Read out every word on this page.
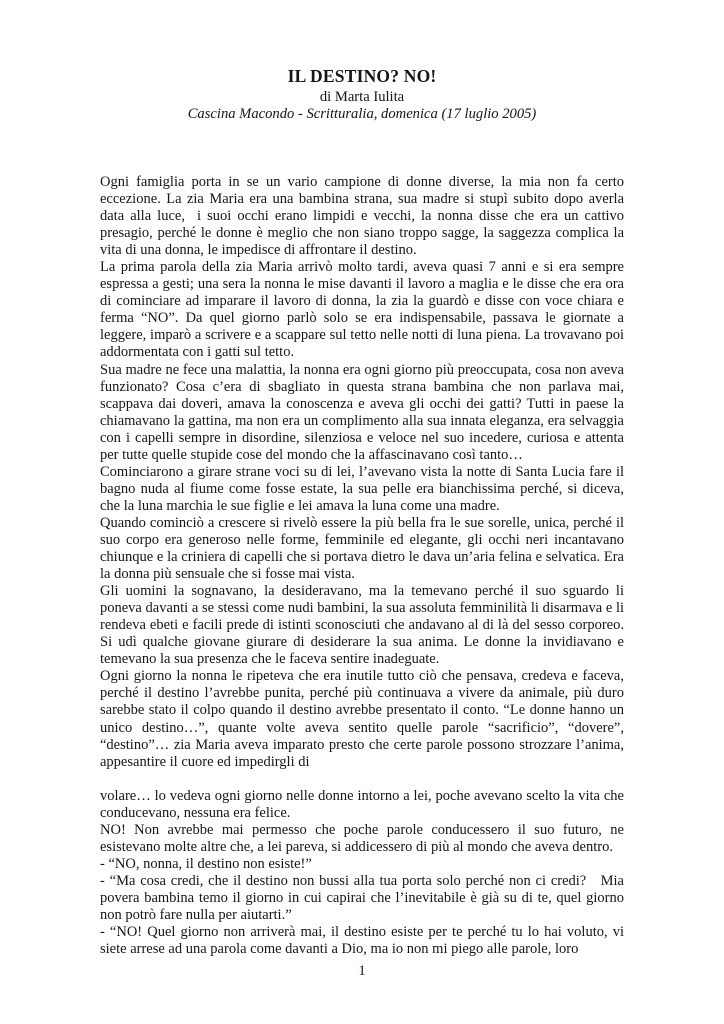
IL DESTINO? NO!
di Marta Iulita
Cascina Macondo - Scritturalia, domenica (17 luglio 2005)

Ogni famiglia porta in se un vario campione di donne diverse, la mia non fa certo eccezione. La zia Maria era una bambina strana, sua madre si stupì subito dopo averla data alla luce,  i suoi occhi erano limpidi e vecchi, la nonna disse che era un cattivo presagio, perché le donne è meglio che non siano troppo sagge, la saggezza complica la vita di una donna, le impedisce di affrontare il destino.

La prima parola della zia Maria arrivò molto tardi, aveva quasi 7 anni e si era sempre espressa a gesti; una sera la nonna le mise davanti il lavoro a maglia e le disse che era ora di cominciare ad imparare il lavoro di donna, la zia la guardò e disse con voce chiara e ferma “NO”. Da quel giorno parlò solo se era indispensabile, passava le giornate a leggere, imparò a scrivere e a scappare sul tetto nelle notti di luna piena. La trovavano poi addormentata con i gatti sul tetto.

Sua madre ne fece una malattia, la nonna era ogni giorno più preoccupata, cosa non aveva funzionato? Cosa c’era di sbagliato in questa strana bambina che non parlava mai, scappava dai doveri, amava la conoscenza e aveva gli occhi dei gatti? Tutti in paese la chiamavano la gattina, ma non era un complimento alla sua innata eleganza, era selvaggia con i capelli sempre in disordine, silenziosa e veloce nel suo incedere, curiosa e attenta per tutte quelle stupide cose del mondo che la affascinavano così tanto…

Cominciarono a girare strane voci su di lei, l’avevano vista la notte di Santa Lucia fare il bagno nuda al fiume come fosse estate, la sua pelle era bianchissima perché, si diceva, che la luna marchia le sue figlie e lei amava la luna come una madre.

Quando cominciò a crescere si rivelò essere la più bella fra le sue sorelle, unica, perché il suo corpo era generoso nelle forme, femminile ed elegante, gli occhi neri incantavano chiunque e la criniera di capelli che si portava dietro le dava un’aria felina e selvatica. Era la donna più sensuale che si fosse mai vista.

Gli uomini la sognavano, la desideravano, ma la temevano perché il suo sguardo li poneva davanti a se stessi come nudi bambini, la sua assoluta femminilità li disarmava e li rendeva ebeti e facili prede di istinti sconosciuti che andavano al di là del sesso corporeo. Si udì qualche giovane giurare di desiderare la sua anima. Le donne la invidiavano e temevano la sua presenza che le faceva sentire inadeguate.

Ogni giorno la nonna le ripeteva che era inutile tutto ciò che pensava, credeva e faceva, perché il destino l’avrebbe punita, perché più continuava a vivere da animale, più duro sarebbe stato il colpo quando il destino avrebbe presentato il conto. “Le donne hanno un unico destino…”, quante volte aveva sentito quelle parole “sacrificio”, “dovere”, “destino”… zia Maria aveva imparato presto che certe parole possono strozzare l’anima, appesantire il cuore ed impedirgli di

volare… lo vedeva ogni giorno nelle donne intorno a lei, poche avevano scelto la vita che conducevano, nessuna era felice.

NO! Non avrebbe mai permesso che poche parole conducessero il suo futuro, ne esistevano molte altre che, a lei pareva, si addicessero di più al mondo che aveva dentro.

- “NO, nonna, il destino non esiste!”

- “Ma cosa credi, che il destino non bussi alla tua porta solo perché non ci credi?   Mia povera bambina temo il giorno in cui capirai che l’inevitabile è già su di te, quel giorno non potrò fare nulla per aiutarti.”

- “NO! Quel giorno non arriverà mai, il destino esiste per te perché tu lo hai voluto, vi siete arrese ad una parola come davanti a Dio, ma io non mi piego alle parole, loro

1
